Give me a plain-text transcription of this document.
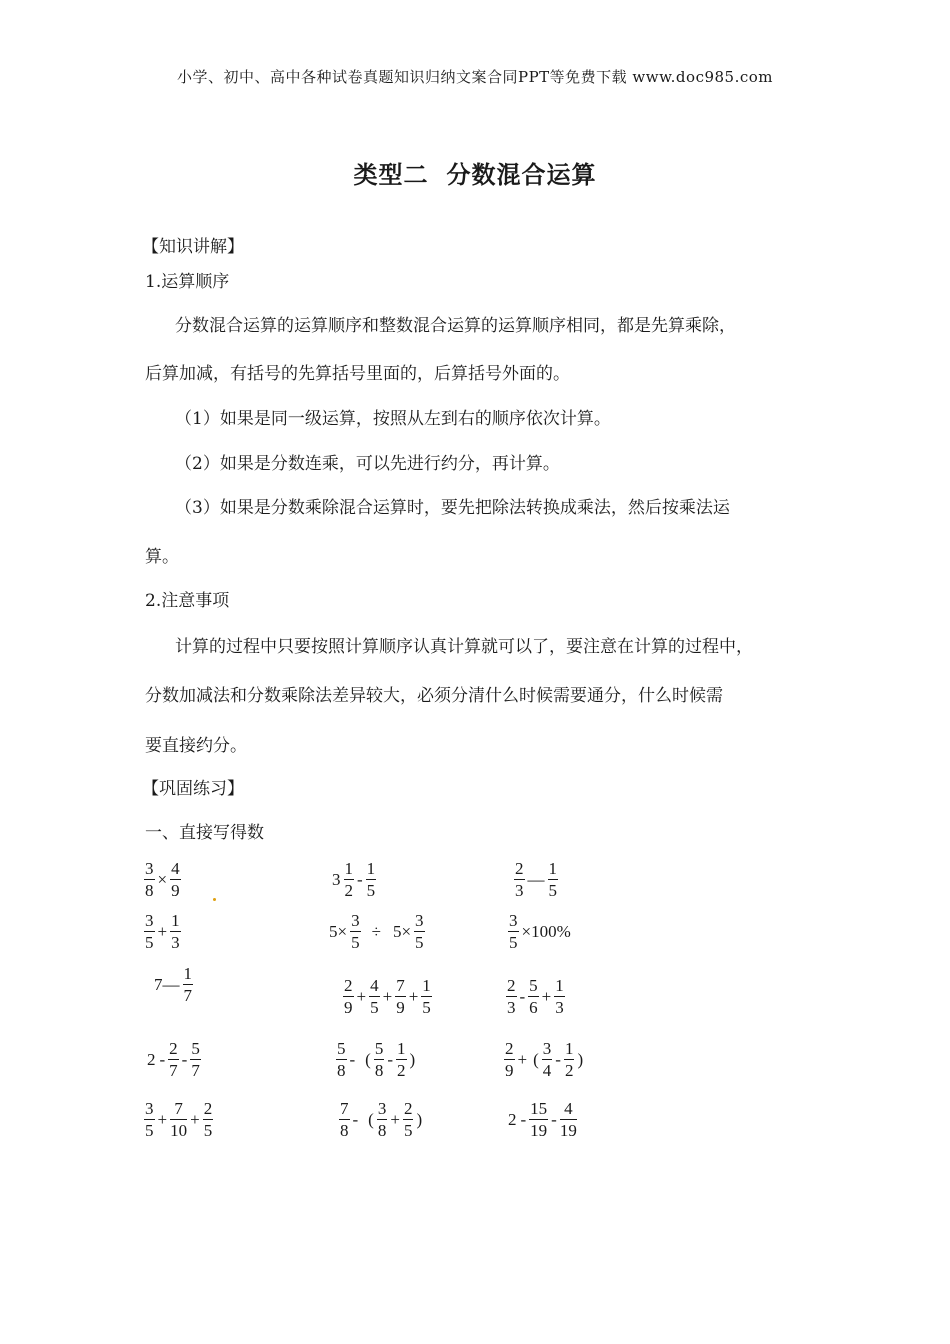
小学、初中、高中各种试卷真题知识归纳文案合同PPT等免费下载 www.doc985.com
类型二 分数混合运算
【知识讲解】
1.运算顺序
分数混合运算的运算顺序和整数混合运算的运算顺序相同，都是先算乘除，
后算加减，有括号的先算括号里面的，后算括号外面的。
（1）如果是同一级运算，按照从左到右的顺序依次计算。
（2）如果是分数连乘，可以先进行约分，再计算。
（3）如果是分数乘除混合运算时，要先把除法转换成乘法，然后按乘法运
算。
2.注意事项
计算的过程中只要按照计算顺序认真计算就可以了，要注意在计算的过程中，
分数加减法和分数乘除法差异较大，必须分清什么时候需要通分，什么时候需
要直接约分。
【巩固练习】
一、直接写得数
$\frac{3}{8} \times \frac{4}{9}$	$3 \frac{1}{2} - \frac{1}{5}$	$\frac{2}{3}$ — $\frac{1}{5}$
$\frac{3}{5} + \frac{1}{3}$	$5\times \frac{3}{5} \div 5\times \frac{3}{5}$	$\frac{3}{5} \times 100\%$
7— $\frac{1}{7}$	$\frac{2}{9} + \frac{4}{5} + \frac{7}{9} + \frac{1}{5}$	$\frac{2}{3} - \frac{5}{6} + \frac{1}{3}$
$2 - \frac{2}{7} - \frac{5}{7}$	$\frac{5}{8}$ - ( $\frac{5}{8} - \frac{1}{2}$ )	$\frac{2}{9}$ + ( $\frac{3}{4} - \frac{1}{2}$ )
$\frac{3}{5} + \frac{7}{10} + \frac{2}{5}$	$\frac{7}{8}$ - ( $\frac{3}{8} + \frac{2}{5}$ )	$2 - \frac{15}{19} - \frac{4}{19}$
